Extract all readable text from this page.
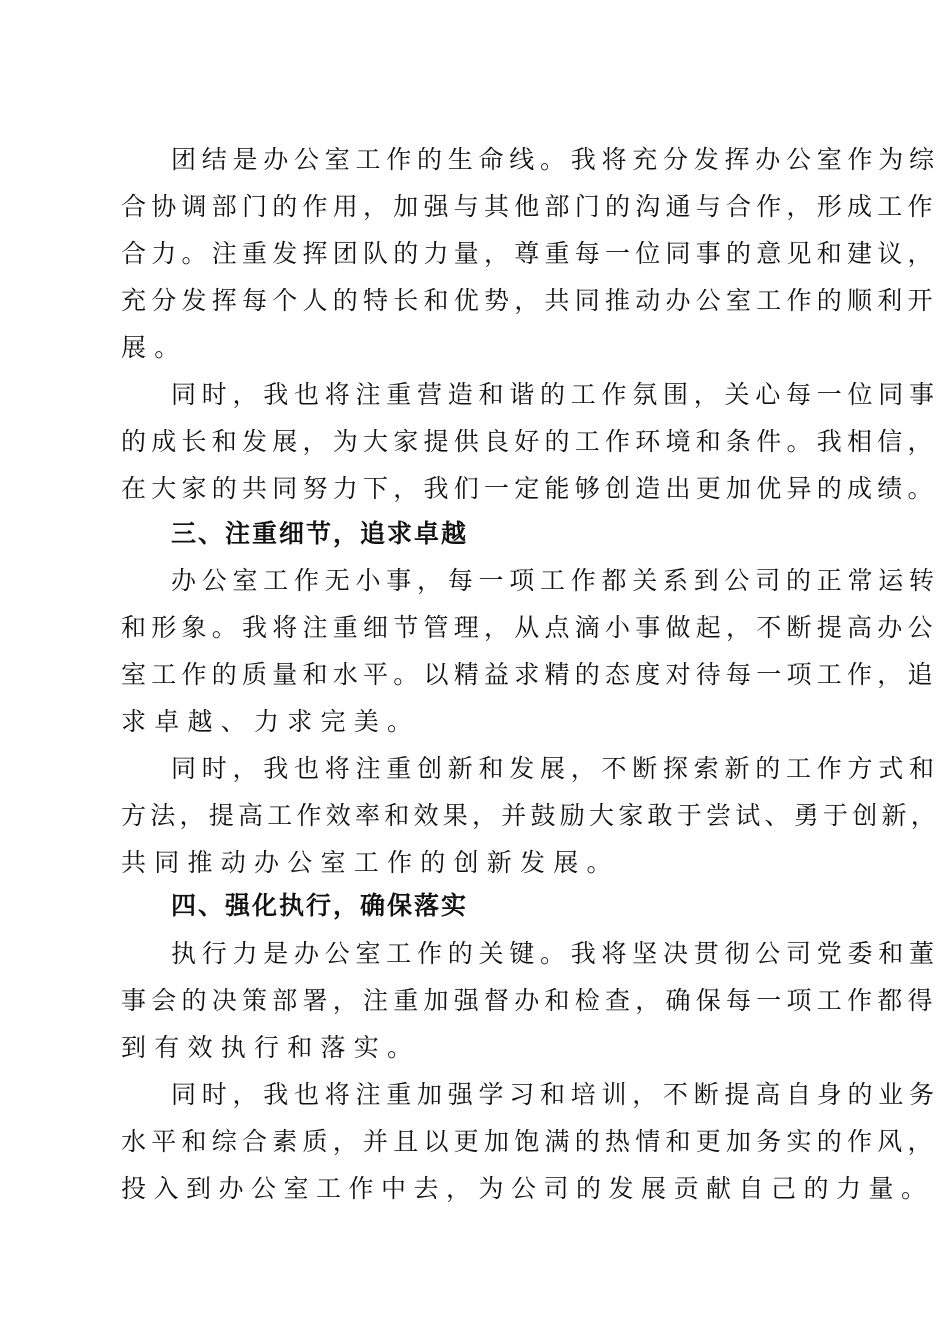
团结是办公室工作的生命线。我将充分发挥办公室作为综
合协调部门的作用，加强与其他部门的沟通与合作，形成工作
合力。注重发挥团队的力量，尊重每一位同事的意见和建议，
充分发挥每个人的特长和优势，共同推动办公室工作的顺利开
展。
同时，我也将注重营造和谐的工作氛围，关心每一位同事
的成长和发展，为大家提供良好的工作环境和条件。我相信，
在大家的共同努力下，我们一定能够创造出更加优异的成绩。
三、注重细节，追求卓越
办公室工作无小事，每一项工作都关系到公司的正常运转
和形象。我将注重细节管理，从点滴小事做起，不断提高办公
室工作的质量和水平。以精益求精的态度对待每一项工作，追
求卓越、力求完美。
同时，我也将注重创新和发展，不断探索新的工作方式和
方法，提高工作效率和效果，并鼓励大家敢于尝试、勇于创新，
共同推动办公室工作的创新发展。
四、强化执行，确保落实
执行力是办公室工作的关键。我将坚决贯彻公司党委和董
事会的决策部署，注重加强督办和检查，确保每一项工作都得
到有效执行和落实。
同时，我也将注重加强学习和培训，不断提高自身的业务
水平和综合素质，并且以更加饱满的热情和更加务实的作风，
投入到办公室工作中去，为公司的发展贡献自己的力量。
